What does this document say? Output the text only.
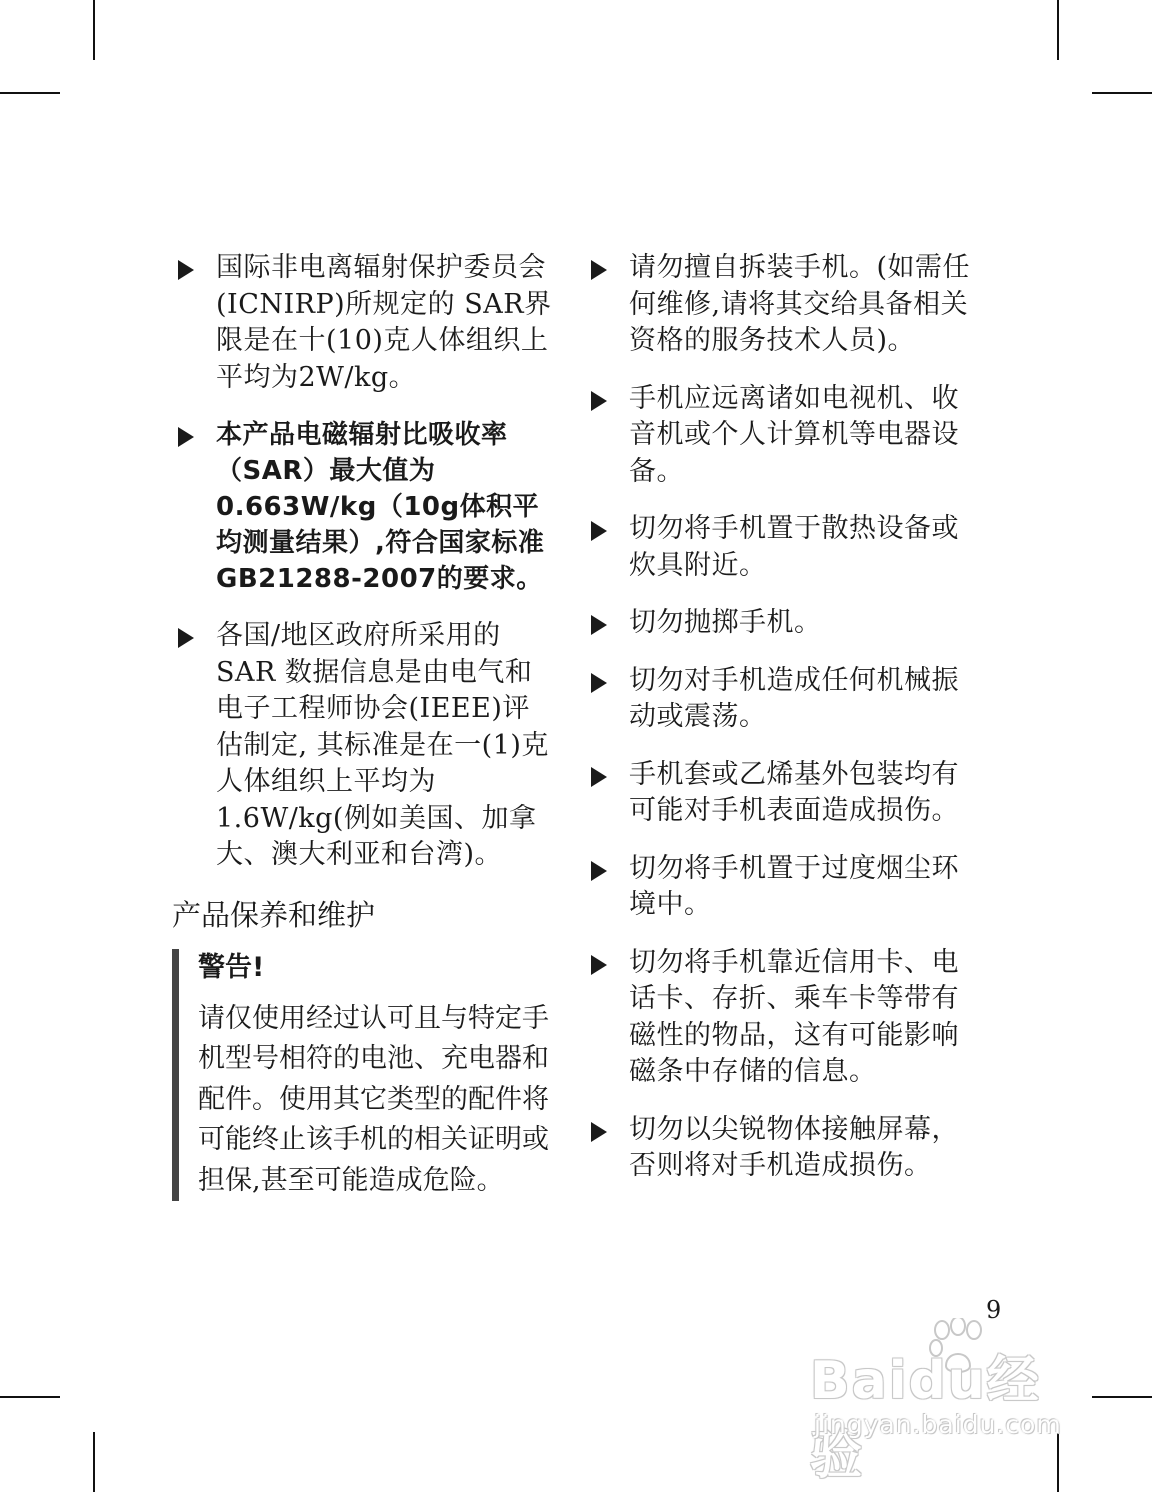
国际非电离辐射保护委员会(ICNIRP)所规定的 SAR界限是在十(10)克人体组织上平均为2W/kg。
本产品电磁辐射比吸收率（SAR）最大值为0.663W/kg（10g体积平均测量结果）,符合国家标准GB21288-2007的要求。
各国/地区政府所采用的SAR 数据信息是由电气和电子工程师协会(IEEE)评估制定, 其标准是在一(1)克人体组织上平均为1.6W/kg(例如美国、加拿大、澳大利亚和台湾)。
产品保养和维护
警告!
请仅使用经过认可且与特定手机型号相符的电池、充电器和配件。使用其它类型的配件将可能终止该手机的相关证明或担保,甚至可能造成危险。
请勿擅自拆装手机。(如需任何维修,请将其交给具备相关资格的服务技术人员)。
手机应远离诸如电视机、收音机或个人计算机等电器设备。
切勿将手机置于散热设备或炊具附近。
切勿抛掷手机。
切勿对手机造成任何机械振动或震荡。
手机套或乙烯基外包装均有可能对手机表面造成损伤。
切勿将手机置于过度烟尘环境中。
切勿将手机靠近信用卡、电话卡、存折、乘车卡等带有磁性的物品，这有可能影响磁条中存储的信息。
切勿以尖锐物体接触屏幕，否则将对手机造成损伤。
9
Baidu经验
jingyan.baidu.com
